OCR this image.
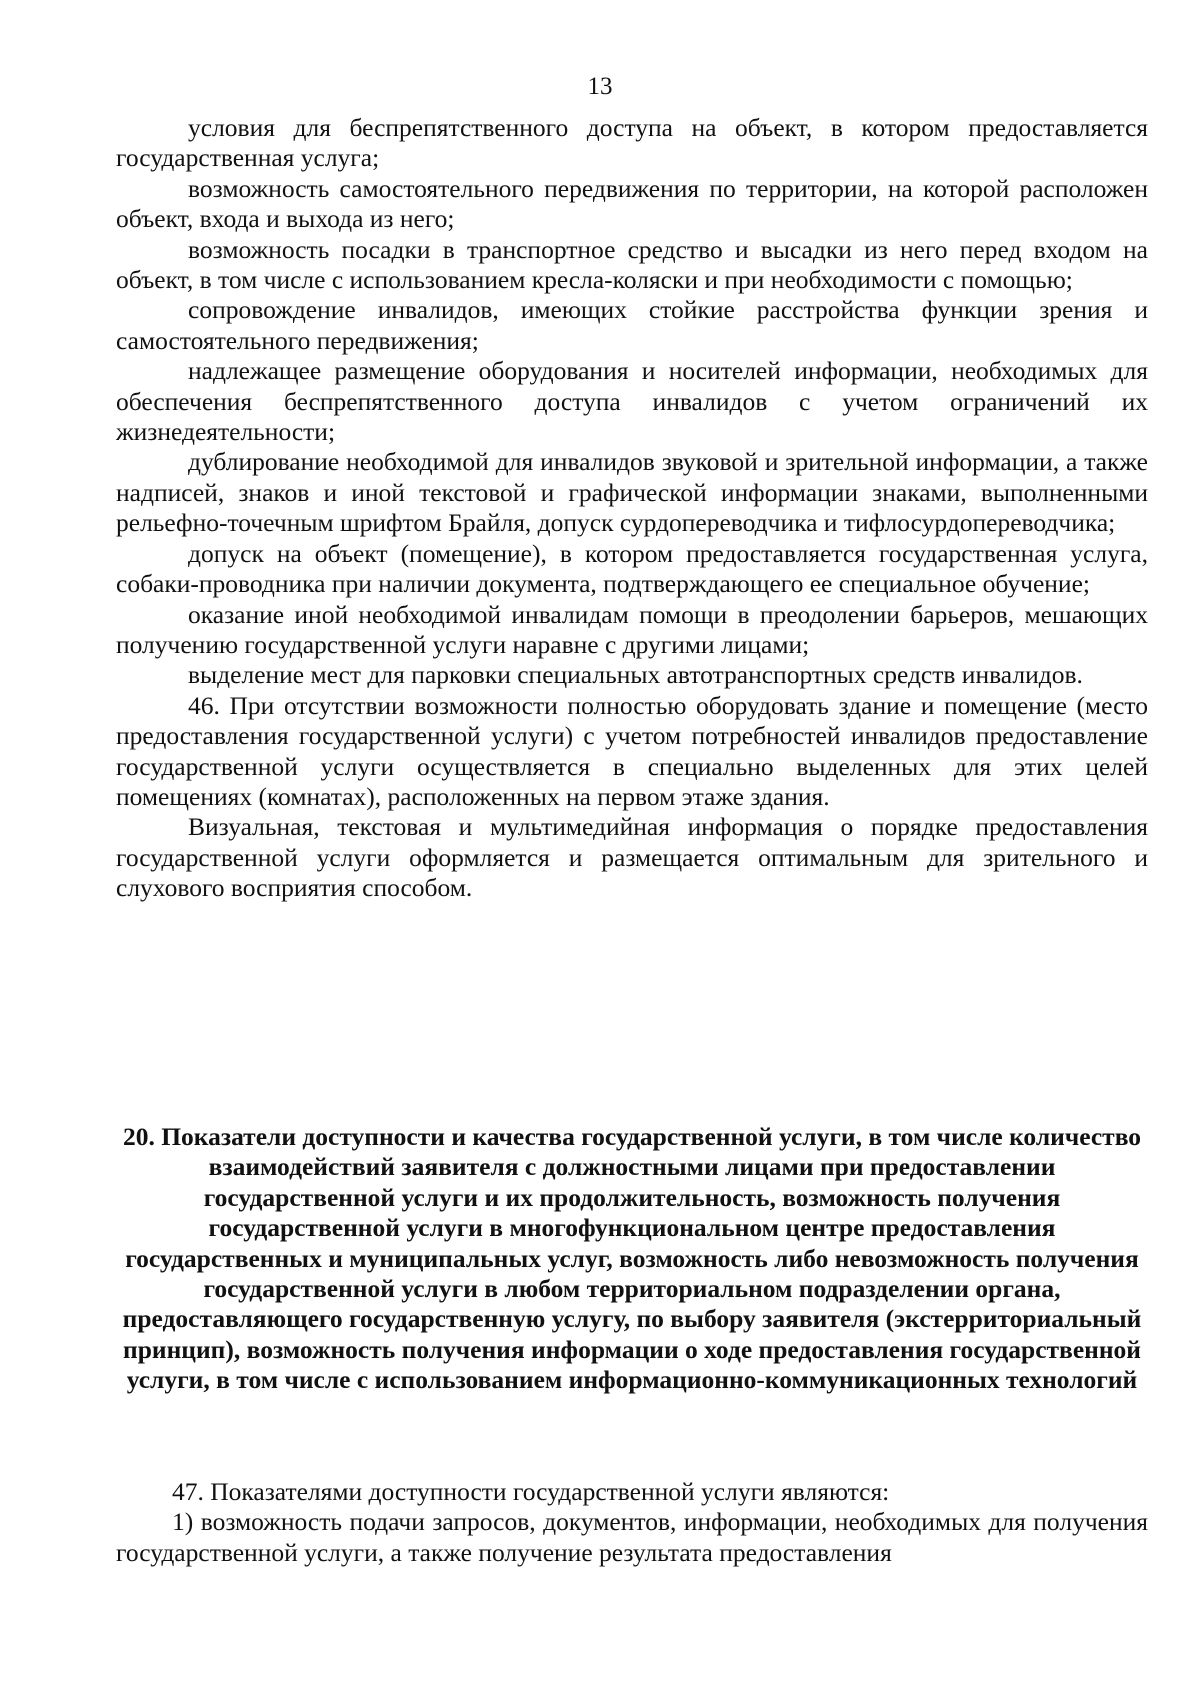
13

условия для беспрепятственного доступа на объект, в котором предоставляется государственная услуга;

возможность самостоятельного передвижения по территории, на которой расположен объект, входа и выхода из него;

возможность посадки в транспортное средство и высадки из него перед входом на объект, в том числе с использованием кресла-коляски и при необходимости с помощью;

сопровождение инвалидов, имеющих стойкие расстройства функции зрения и самостоятельного передвижения;

надлежащее размещение оборудования и носителей информации, необходимых для обеспечения беспрепятственного доступа инвалидов с учетом ограничений их жизнедеятельности;

дублирование необходимой для инвалидов звуковой и зрительной информации, а также надписей, знаков и иной текстовой и графической информации знаками, выполненными рельефно-точечным шрифтом Брайля, допуск сурдопереводчика и тифлосурдопереводчика;

допуск на объект (помещение), в котором предоставляется государственная услуга, собаки-проводника при наличии документа, подтверждающего ее специальное обучение;

оказание иной необходимой инвалидам помощи в преодолении барьеров, мешающих получению государственной услуги наравне с другими лицами;

выделение мест для парковки специальных автотранспортных средств инвалидов.

46. При отсутствии возможности полностью оборудовать здание и помещение (место предоставления государственной услуги) с учетом потребностей инвалидов предоставление государственной услуги осуществляется в специально выделенных для этих целей помещениях (комнатах), расположенных на первом этаже здания.

Визуальная, текстовая и мультимедийная информация о порядке предоставления государственной услуги оформляется и размещается оптимальным для зрительного и слухового восприятия способом.

20. Показатели доступности и качества государственной услуги, в том числе количество взаимодействий заявителя с должностными лицами при предоставлении государственной услуги и их продолжительность, возможность получения государственной услуги в многофункциональном центре предоставления государственных и муниципальных услуг, возможность либо невозможность получения государственной услуги в любом территориальном подразделении органа, предоставляющего государственную услугу, по выбору заявителя (экстерриториальный принцип), возможность получения информации о ходе предоставления государственной услуги, в том числе с использованием информационно-коммуникационных технологий

47. Показателями доступности государственной услуги являются:

1) возможность подачи запросов, документов, информации, необходимых для получения государственной услуги, а также получение результата предоставления
